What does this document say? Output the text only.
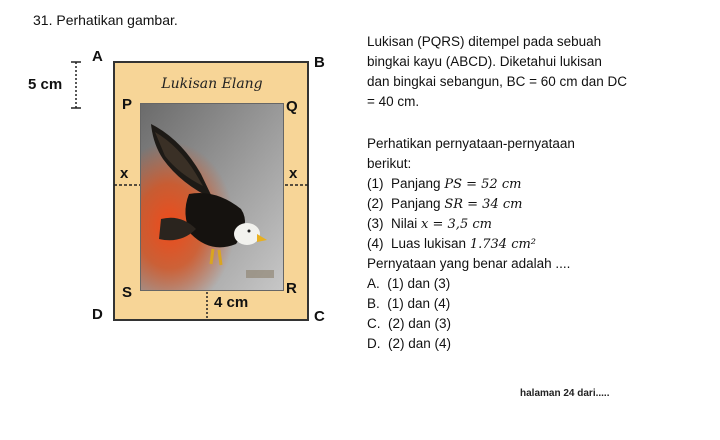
31. Perhatikan gambar.
Lukisan Elang
A	B
C
D
P	Q
R
S
5 cm
x	x
4 cm
Lukisan (PQRS) ditempel pada sebuah
bingkai kayu (ABCD). Diketahui lukisan
dan bingkai sebangun, BC = 60 cm dan DC
= 40 cm.
Perhatikan pernyataan-pernyataan
berikut:
(1) Panjang PS = 52 cm
(2) Panjang SR = 34 cm
(3) Nilai x = 3,5 cm
(4) Luas lukisan 1.734 cm²
Pernyataan yang benar adalah ....
A. (1) dan (3)
B. (1) dan (4)
C. (2) dan (3)
D. (2) dan (4)
halaman 24 dari.....
